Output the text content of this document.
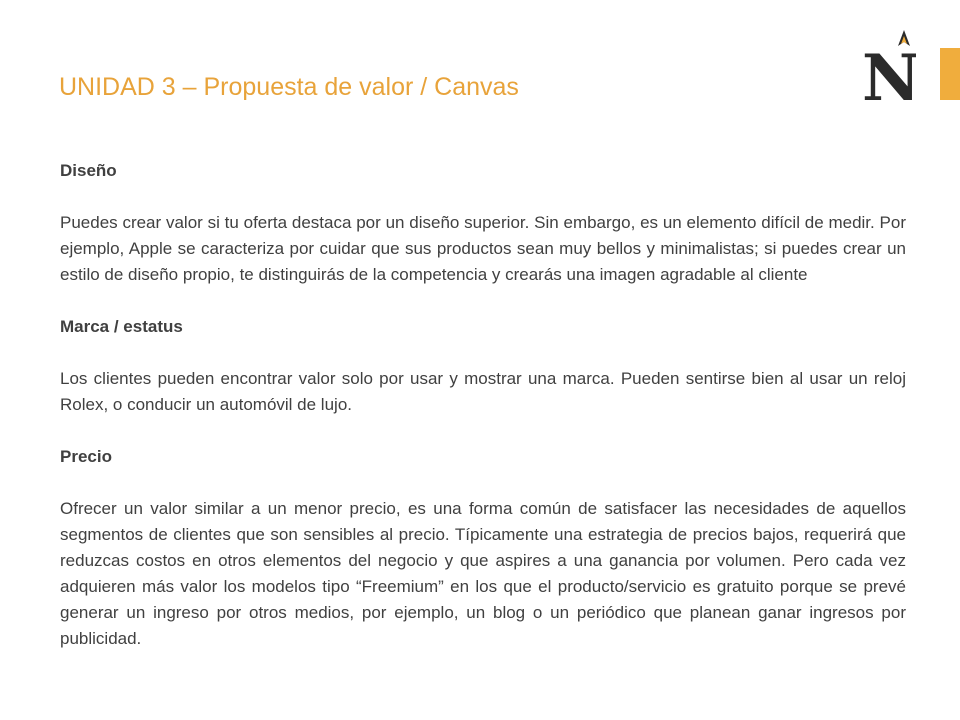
UNIDAD 3 – Propuesta de valor / Canvas	N

Diseño

Puedes crear valor si tu oferta destaca por un diseño superior. Sin embargo, es un elemento difícil de medir. Por ejemplo, Apple se caracteriza por cuidar que sus productos sean muy bellos y minimalistas; si puedes crear un estilo de diseño propio, te distinguirás de la competencia y crearás una imagen agradable al cliente

Marca / estatus

Los clientes pueden encontrar valor solo por usar y mostrar una marca. Pueden sentirse bien al usar un reloj Rolex, o conducir un automóvil de lujo.

Precio

Ofrecer un valor similar a un menor precio, es una forma común de satisfacer las necesidades de aquellos segmentos de clientes que son sensibles al precio. Típicamente una estrategia de precios bajos, requerirá que reduzcas costos en otros elementos del negocio y que aspires a una ganancia por volumen. Pero cada vez adquieren más valor los modelos tipo “Freemium” en los que el producto/servicio es gratuito porque se prevé generar un ingreso por otros medios, por ejemplo, un blog o un periódico que planean ganar ingresos por publicidad.
